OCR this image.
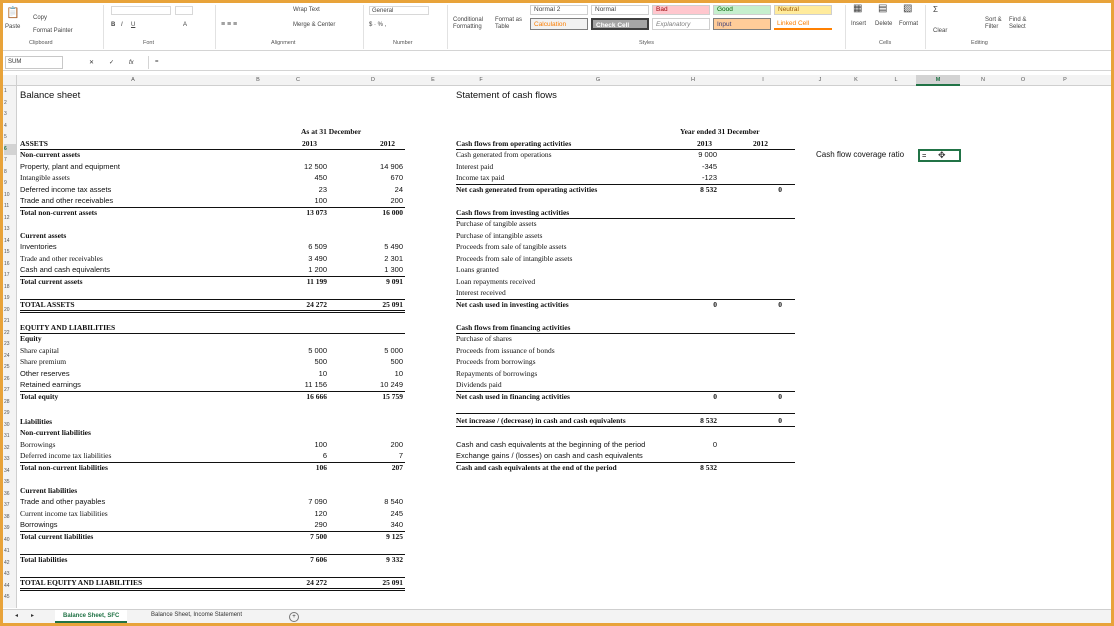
📋
Paste
Copy
Format Painter
Clipboard
B I U	A
Font
≡ ≡ ≡
Wrap Text
Merge & Center
Alignment
General
$ · % ,
Number
Conditional Formatting
Format as Table
Normal 2	Normal	Bad	Good	Neutral
Calculation	Check Cell	Explanatory	Input	Linked Cell
Styles
▦ ▤ ▧
Insert Delete Format
Cells
Σ
Clear
Sort & Filter
Find & Select
Editing
SUM	✕ ✓ fx	=
A	B	C	D	E	F	G	H	I	J	K	L	M	N	O	P
1
2
3
4
5
6
7
8
9
10
11
12
13
14
15
16
17
18
19
20
21
22
23
24
25
26
27
28
29
30
31
32
33
34
35
36
37
38
39
40
41
42
43
44
45
Balance sheet
As at 31 December
2013	2012
ASSETS
Non-current assets
Property, plant and equipment	12 500	14 906
Intangible assets	450	670
Deferred income tax assets	23	24
Trade and other receivables	100	200
Total non-current assets	13 073	16 000
Current assets
Inventories	6 509	5 490
Trade and other receivables	3 490	2 301
Cash and cash equivalents	1 200	1 300
Total current assets	11 199	9 091
TOTAL ASSETS	24 272	25 091
EQUITY AND LIABILITIES
Equity
Share capital	5 000	5 000
Share premium	500	500
Other reserves	10	10
Retained earnings	11 156	10 249
Total equity	16 666	15 759
Liabilities
Non-current liabilities
Borrowings	100	200
Deferred income tax liabilities	6	7
Total non-current liabilities	106	207
Current liabilities
Trade and other payables	7 090	8 540
Current income tax liabilities	120	245
Borrowings	290	340
Total current liabilities	7 500	9 125
Total liabilities	7 606	9 332
TOTAL EQUITY AND LIABILITIES	24 272	25 091
Statement of cash flows
Year ended 31 December
2013	2012
Cash flows from operating activities
Cash generated from operations	9 000
Interest paid	-345
Income tax paid	-123
Net cash generated from operating activities	8 532	0
Cash flows from investing activities
Purchase of tangible assets
Purchase of intangible assets
Proceeds from sale of tangible assets
Proceeds from sale of intangible assets
Loans granted
Loan repayments received
Interest received
Net cash used in investing activities	0	0
Cash flows from financing activities
Purchase of shares
Proceeds from issuance of bonds
Proceeds from borrowings
Repayments of borrowings
Dividends paid
Net cash used in financing activities	0	0
Net increase / (decrease) in cash and cash equivalents	8 532	0
Cash and cash equivalents at the beginning of the period	0
Exchange gains / (losses) on cash and cash equivalents
Cash and cash equivalents at the end of the period	8 532
Cash flow coverage ratio	=	✥
◂ ▸	Balance Sheet, SFC	Balance Sheet, Income Statement	+
